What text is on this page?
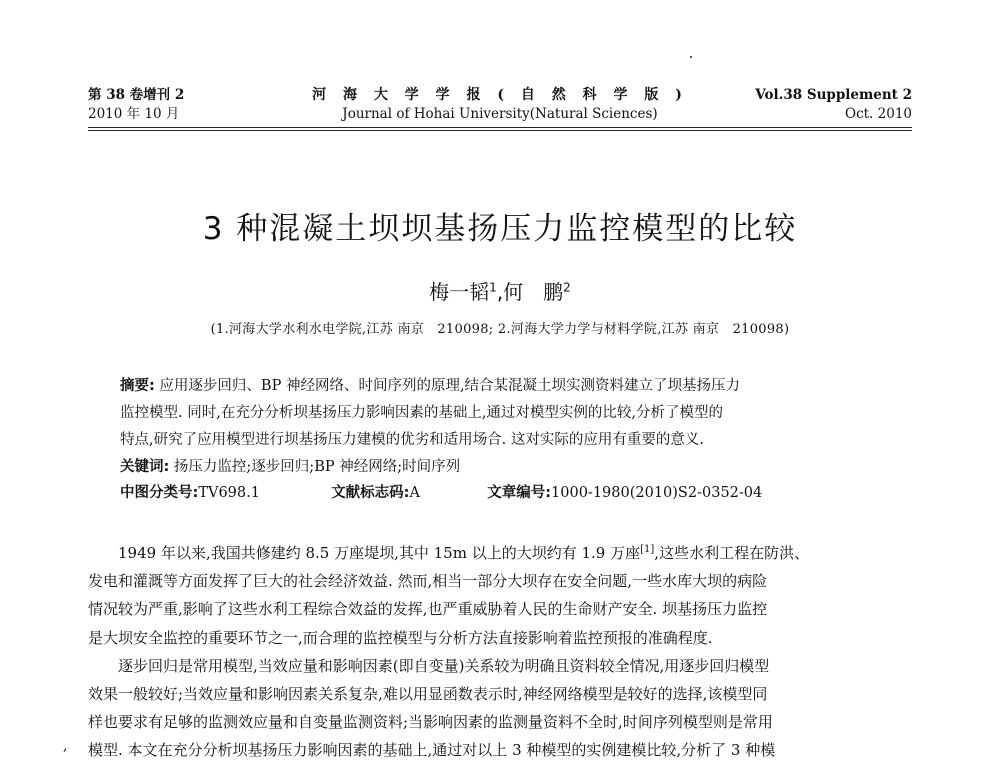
第 38 卷增刊 2
2010 年 10 月
河 海 大 学 学 报 ( 自 然 科 学 版 )
Journal of Hohai University(Natural Sciences)
Vol.38 Supplement 2
Oct. 2010
3 种混凝土坝坝基扬压力监控模型的比较
梅一韬$^1$,何　鹏$^2$
(1.河海大学水利水电学院,江苏 南京　210098; 2.河海大学力学与材料学院,江苏 南京　210098)
摘要: 应用逐步回归、BP 神经网络、时间序列的原理,结合某混凝土坝实测资料建立了坝基扬压力
监控模型. 同时,在充分分析坝基扬压力影响因素的基础上,通过对模型实例的比较,分析了模型的
特点,研究了应用模型进行坝基扬压力建模的优劣和适用场合. 这对实际的应用有重要的意义.
关键词: 扬压力监控;逐步回归;BP 神经网络;时间序列
中图分类号:TV698.1	文献标志码:A	文章编号:1000-1980(2010)S2-0352-04
1949 年以来,我国共修建约 8.5 万座堤坝,其中 15m 以上的大坝约有 1.9 万座[1],这些水利工程在防洪、
发电和灌溉等方面发挥了巨大的社会经济效益. 然而,相当一部分大坝存在安全问题,一些水库大坝的病险
情况较为严重,影响了这些水利工程综合效益的发挥,也严重威胁着人民的生命财产安全. 坝基扬压力监控
是大坝安全监控的重要环节之一,而合理的监控模型与分析方法直接影响着监控预报的准确程度.
逐步回归是常用模型,当效应量和影响因素(即自变量)关系较为明确且资料较全情况,用逐步回归模型
效果一般较好;当效应量和影响因素关系复杂,难以用显函数表示时,神经网络模型是较好的选择,该模型同
样也要求有足够的监测效应量和自变量监测资料;当影响因素的监测量资料不全时,时间序列模型则是常用
模型. 本文在充分分析坝基扬压力影响因素的基础上,通过对以上 3 种模型的实例建模比较,分析了 3 种模
,
